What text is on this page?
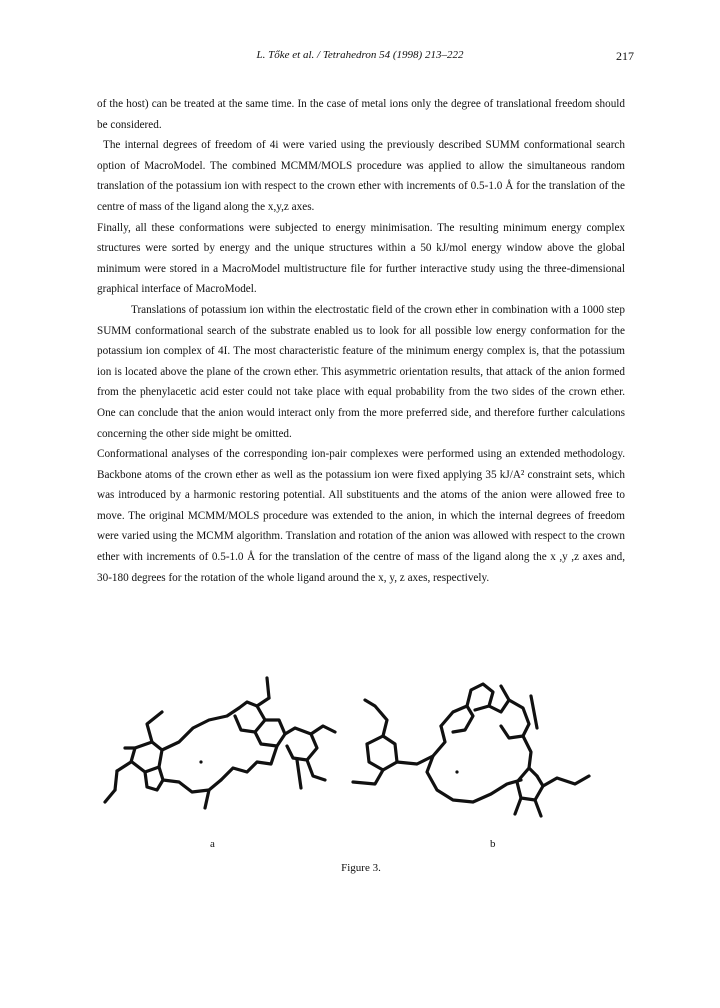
L. Tőke et al. / Tetrahedron 54 (1998) 213–222	217

of the host) can be treated at the same time. In the case of metal ions only the degree of translational freedom should be considered.

The internal degrees of freedom of 4i were varied using the previously described SUMM conformational search option of MacroModel. The combined MCMM/MOLS procedure was applied to allow the simultaneous random translation of the potassium ion with respect to the crown ether with increments of 0.5-1.0 Å for the translation of the centre of mass of the ligand along the x,y,z axes.

Finally, all these conformations were subjected to energy minimisation. The resulting minimum energy complex structures were sorted by energy and the unique structures within a 50 kJ/mol energy window above the global minimum were stored in a MacroModel multistructure file for further interactive study using the three-dimensional graphical interface of MacroModel.

Translations of potassium ion within the electrostatic field of the crown ether in combination with a 1000 step SUMM conformational search of the substrate enabled us to look for all possible low energy conformation for the potassium ion complex of 4I. The most characteristic feature of the minimum energy complex is, that the potassium ion is located above the plane of the crown ether. This asymmetric orientation results, that attack of the anion formed from the phenylacetic acid ester could not take place with equal probability from the two sides of the crown ether. One can conclude that the anion would interact only from the more preferred side, and therefore further calculations concerning the other side might be omitted.

Conformational analyses of the corresponding ion-pair complexes were performed using an extended methodology. Backbone atoms of the crown ether as well as the potassium ion were fixed applying 35 kJ/A² constraint sets, which was introduced by a harmonic restoring potential. All substituents and the atoms of the anion were allowed free to move. The original MCMM/MOLS procedure was extended to the anion, in which the internal degrees of freedom were varied using the MCMM algorithm. Translation and rotation of the anion was allowed with respect to the crown ether with increments of 0.5-1.0 Å for the translation of the centre of mass of the ligand along the x ,y ,z axes and, 30-180 degrees for the rotation of the whole ligand around the x, y, z axes, respectively.

a	b
Figure 3.
